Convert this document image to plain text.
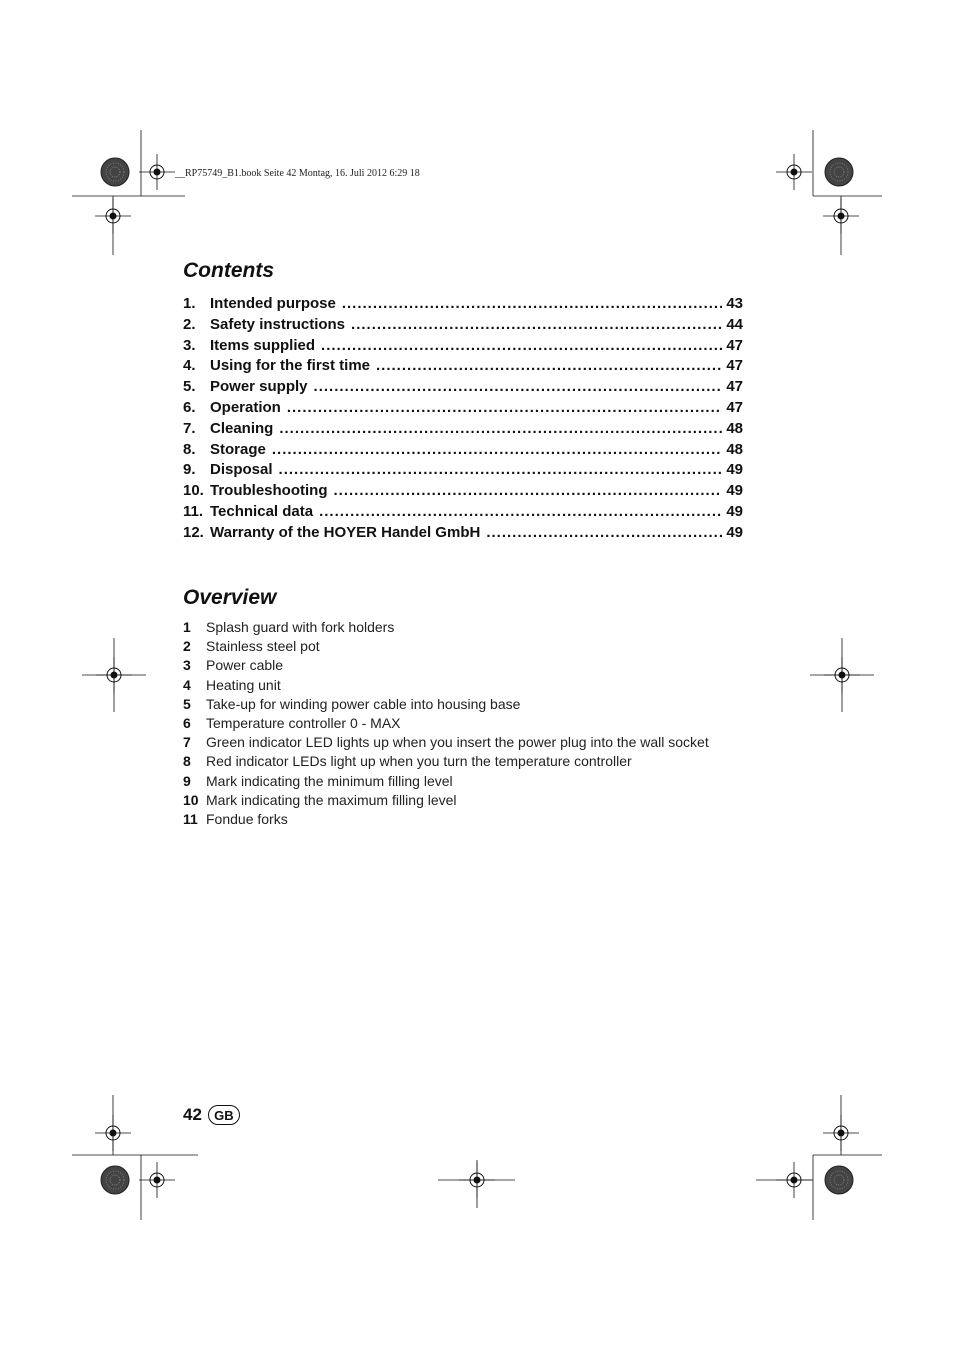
__RP75749_B1.book Seite 42 Montag, 16. Juli 2012 6:29 18
Contents
1. Intended purpose .....	43
2. Safety instructions .....	44
3. Items supplied .....	47
4. Using for the first time .....	47
5. Power supply .....	47
6. Operation .....	47
7. Cleaning .....	48
8. Storage .....	48
9. Disposal .....	49
10. Troubleshooting .....	49
11. Technical data .....	49
12. Warranty of the HOYER Handel GmbH .....	49
Overview
1	Splash guard with fork holders
2	Stainless steel pot
3	Power cable
4	Heating unit
5	Take-up for winding power cable into housing base
6	Temperature controller 0 - MAX
7	Green indicator LED lights up when you insert the power plug into the wall socket
8	Red indicator LEDs light up when you turn the temperature controller
9	Mark indicating the minimum filling level
10 Mark indicating the maximum filling level
11 Fondue forks
42 GB
